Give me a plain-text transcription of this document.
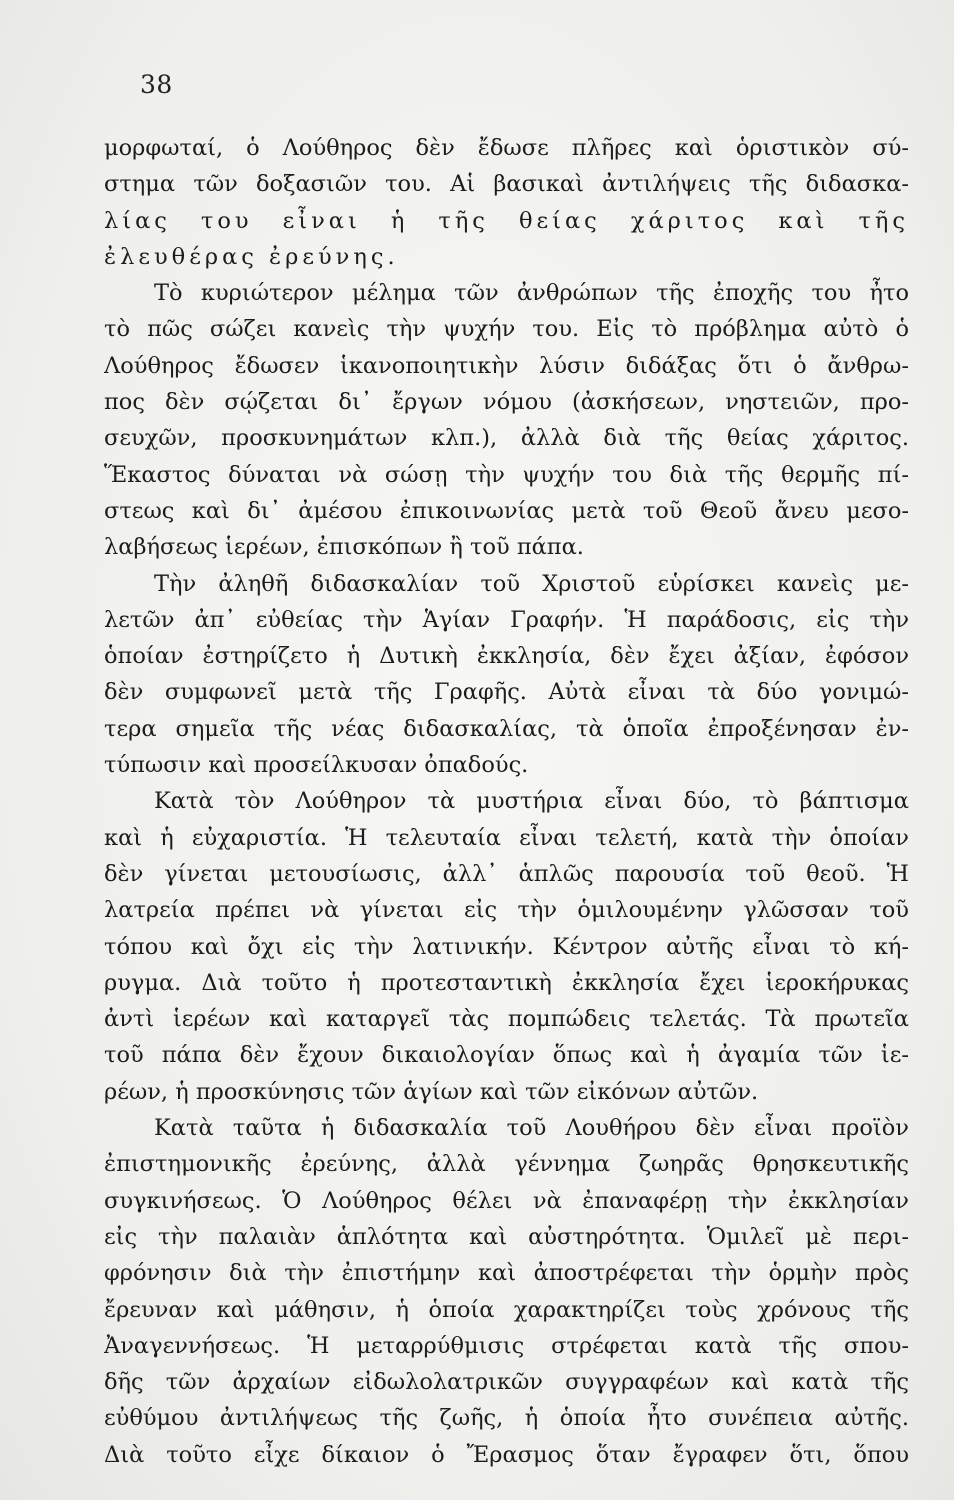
38
μορφωταί, ὁ Λούθηρος δὲν ἔδωσε πλῆρες καὶ ὁριστικὸν σύ-
στημα τῶν δοξασιῶν του. Αἱ βασικαὶ ἀντιλήψεις τῆς διδασκα-
λίας του εἶναι ἡ τῆς θείας χάριτος καὶ τῆς
ἐλευθέρας ἐρεύνης.
Τὸ κυριώτερον μέλημα τῶν ἀνθρώπων τῆς ἐποχῆς του ἦτο
τὸ πῶς σώζει κανεὶς τὴν ψυχήν του. Εἰς τὸ πρόβλημα αὐτὸ ὁ
Λούθηρος ἔδωσεν ἱκανοποιητικὴν λύσιν διδάξας ὅτι ὁ ἄνθρω-
πος δὲν σῴζεται δι᾽ ἔργων νόμου (ἀσκήσεων, νηστειῶν, προ-
σευχῶν, προσκυνημάτων κλπ.), ἀλλὰ διὰ τῆς θείας χάριτος.
Ἕκαστος δύναται νὰ σώσῃ τὴν ψυχήν του διὰ τῆς θερμῆς πί-
στεως καὶ δι᾽ ἀμέσου ἐπικοινωνίας μετὰ τοῦ Θεοῦ ἄνευ μεσο-
λαβήσεως ἱερέων, ἐπισκόπων ἢ τοῦ πάπα.
Τὴν ἀληθῆ διδασκαλίαν τοῦ Χριστοῦ εὑρίσκει κανεὶς με-
λετῶν ἀπ᾽ εὐθείας τὴν Ἁγίαν Γραφήν. Ἡ παράδοσις, εἰς τὴν
ὁποίαν ἐστηρίζετο ἡ Δυτικὴ ἐκκλησία, δὲν ἔχει ἀξίαν, ἐφόσον
δὲν συμφωνεῖ μετὰ τῆς Γραφῆς. Αὐτὰ εἶναι τὰ δύο γονιμώ-
τερα σημεῖα τῆς νέας διδασκαλίας, τὰ ὁποῖα ἐπροξένησαν ἐν-
τύπωσιν καὶ προσείλκυσαν ὀπαδούς.
Κατὰ τὸν Λούθηρον τὰ μυστήρια εἶναι δύο, τὸ βάπτισμα
καὶ ἡ εὐχαριστία. Ἡ τελευταία εἶναι τελετή, κατὰ τὴν ὁποίαν
δὲν γίνεται μετουσίωσις, ἀλλ᾽ ἁπλῶς παρουσία τοῦ θεοῦ. Ἡ
λατρεία πρέπει νὰ γίνεται εἰς τὴν ὁμιλουμένην γλῶσσαν τοῦ
τόπου καὶ ὄχι εἰς τὴν λατινικήν. Κέντρον αὐτῆς εἶναι τὸ κή-
ρυγμα. Διὰ τοῦτο ἡ προτεσταντικὴ ἐκκλησία ἔχει ἱεροκήρυκας
ἀντὶ ἱερέων καὶ καταργεῖ τὰς πομπώδεις τελετάς. Τὰ πρωτεῖα
τοῦ πάπα δὲν ἔχουν δικαιολογίαν ὅπως καὶ ἡ ἀγαμία τῶν ἱε-
ρέων, ἡ προσκύνησις τῶν ἁγίων καὶ τῶν εἰκόνων αὐτῶν.
Κατὰ ταῦτα ἡ διδασκαλία τοῦ Λουθήρου δὲν εἶναι προϊὸν
ἐπιστημονικῆς ἐρεύνης, ἀλλὰ γέννημα ζωηρᾶς θρησκευτικῆς
συγκινήσεως. Ὁ Λούθηρος θέλει νὰ ἐπαναφέρῃ τὴν ἐκκλησίαν
εἰς τὴν παλαιὰν ἁπλότητα καὶ αὐστηρότητα. Ὁμιλεῖ μὲ περι-
φρόνησιν διὰ τὴν ἐπιστήμην καὶ ἀποστρέφεται τὴν ὁρμὴν πρὸς
ἔρευναν καὶ μάθησιν, ἡ ὁποία χαρακτηρίζει τοὺς χρόνους τῆς
Ἀναγεννήσεως. Ἡ μεταρρύθμισις στρέφεται κατὰ τῆς σπου-
δῆς τῶν ἀρχαίων εἰδωλολατρικῶν συγγραφέων καὶ κατὰ τῆς
εὐθύμου ἀντιλήψεως τῆς ζωῆς, ἡ ὁποία ἦτο συνέπεια αὐτῆς.
Διὰ τοῦτο εἶχε δίκαιον ὁ Ἔρασμος ὅταν ἔγραφεν ὅτι, ὅπου
